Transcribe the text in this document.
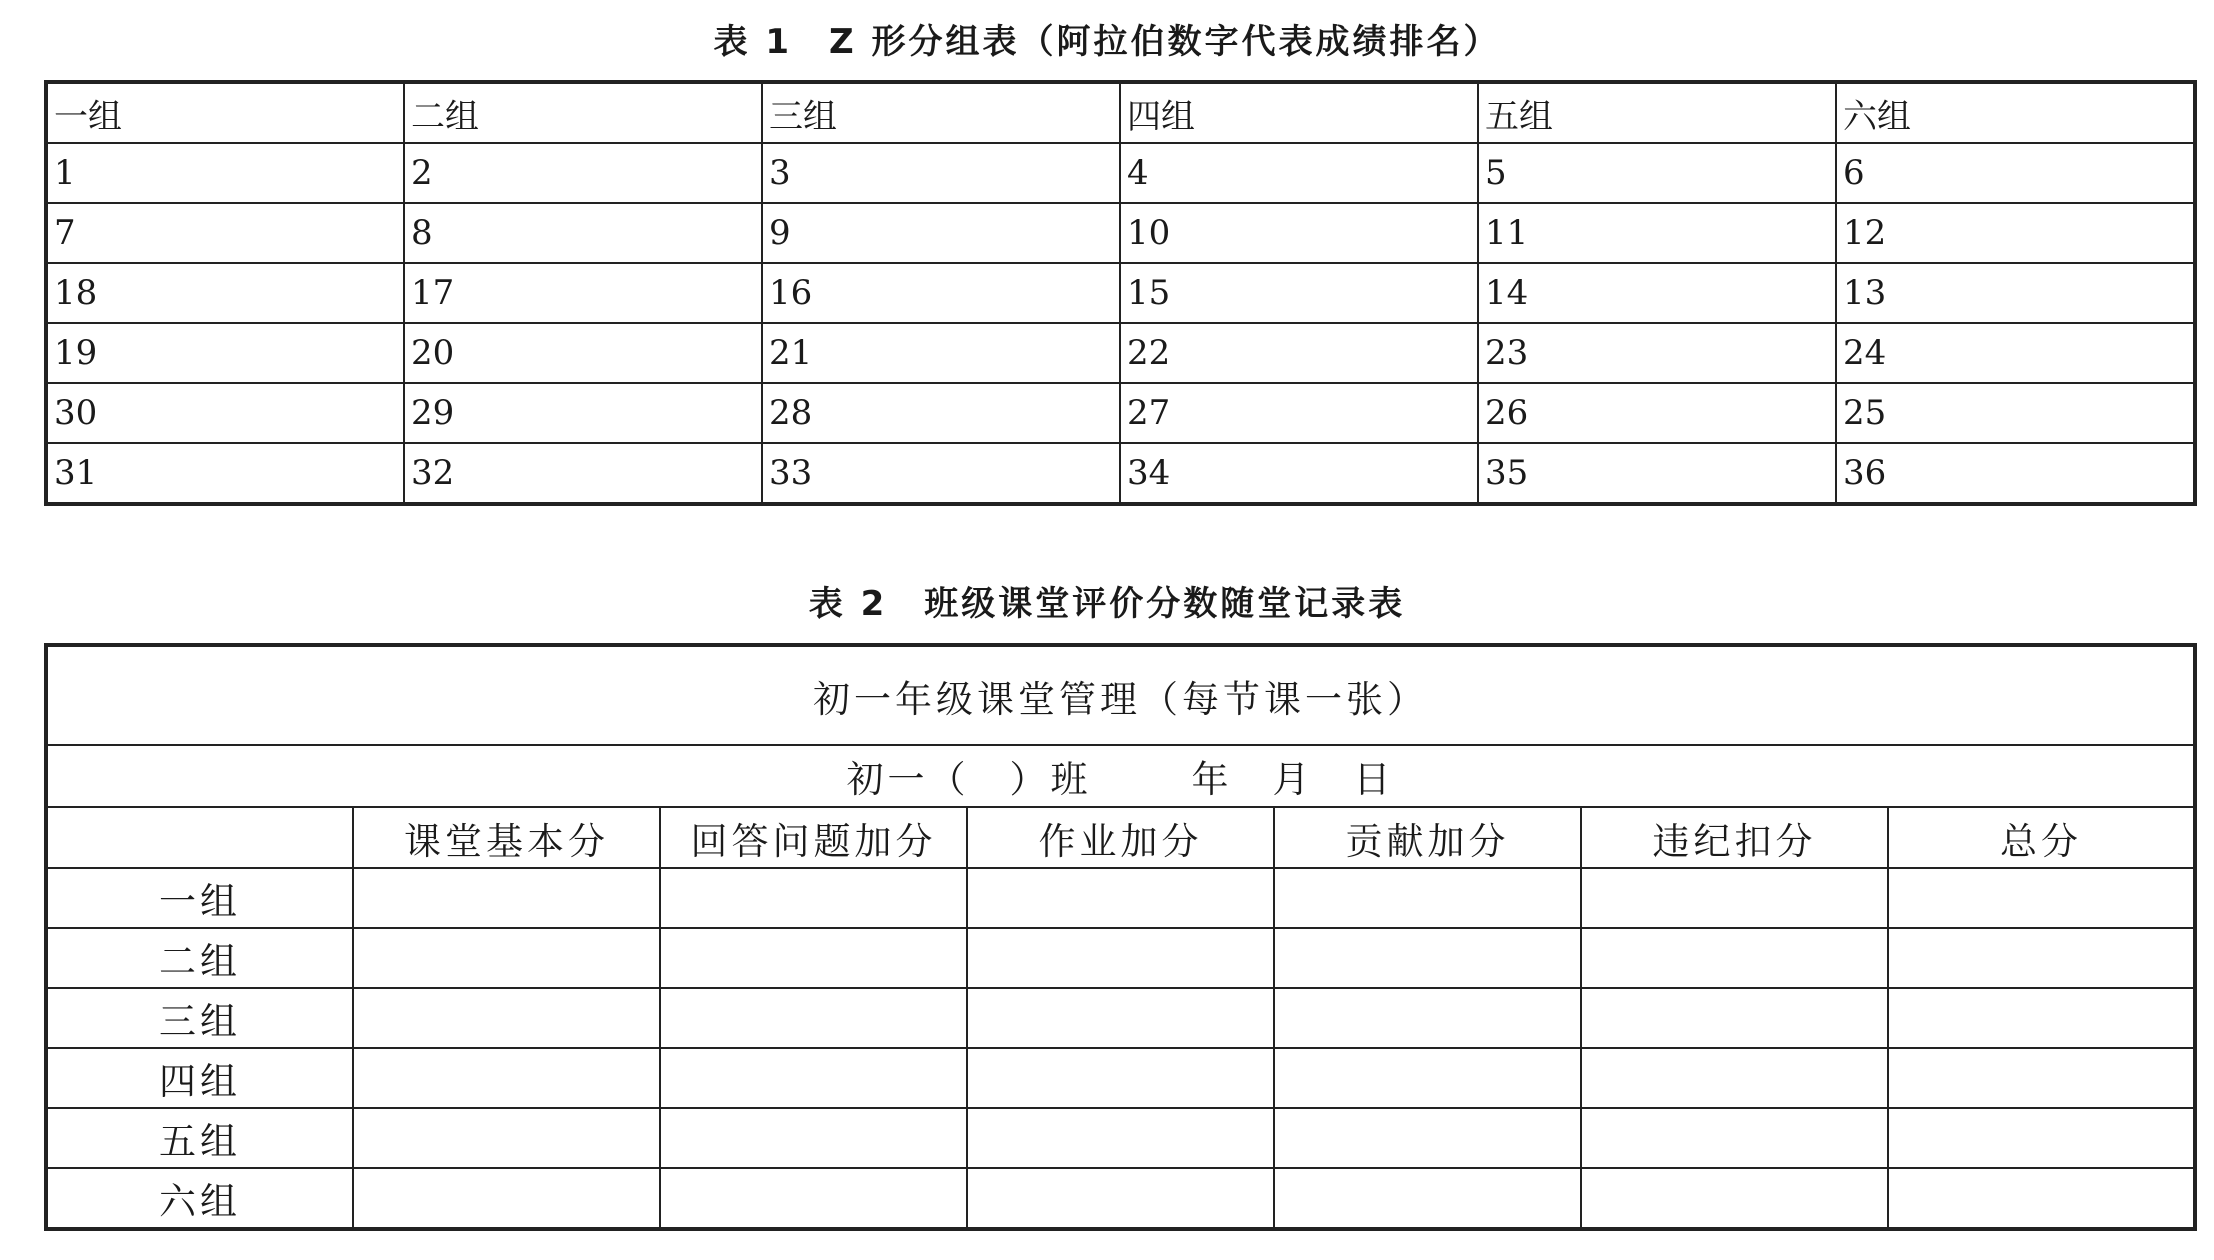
表 1　Z 形分组表（阿拉伯数字代表成绩排名）
一组	二组	三组	四组	五组	六组
1	2	3	4	5	6
7	8	9	10	11	12
18	17	16	15	14	13
19	20	21	22	23	24
30	29	28	27	26	25
31	32	33	34	35	36
表 2　班级课堂评价分数随堂记录表
初一年级课堂管理（每节课一张）						
初一（ ）班 年 月 日						
	课堂基本分	回答问题加分	作业加分	贡献加分	违纪扣分	总分
一组						
二组						
三组						
四组						
五组						
六组						
